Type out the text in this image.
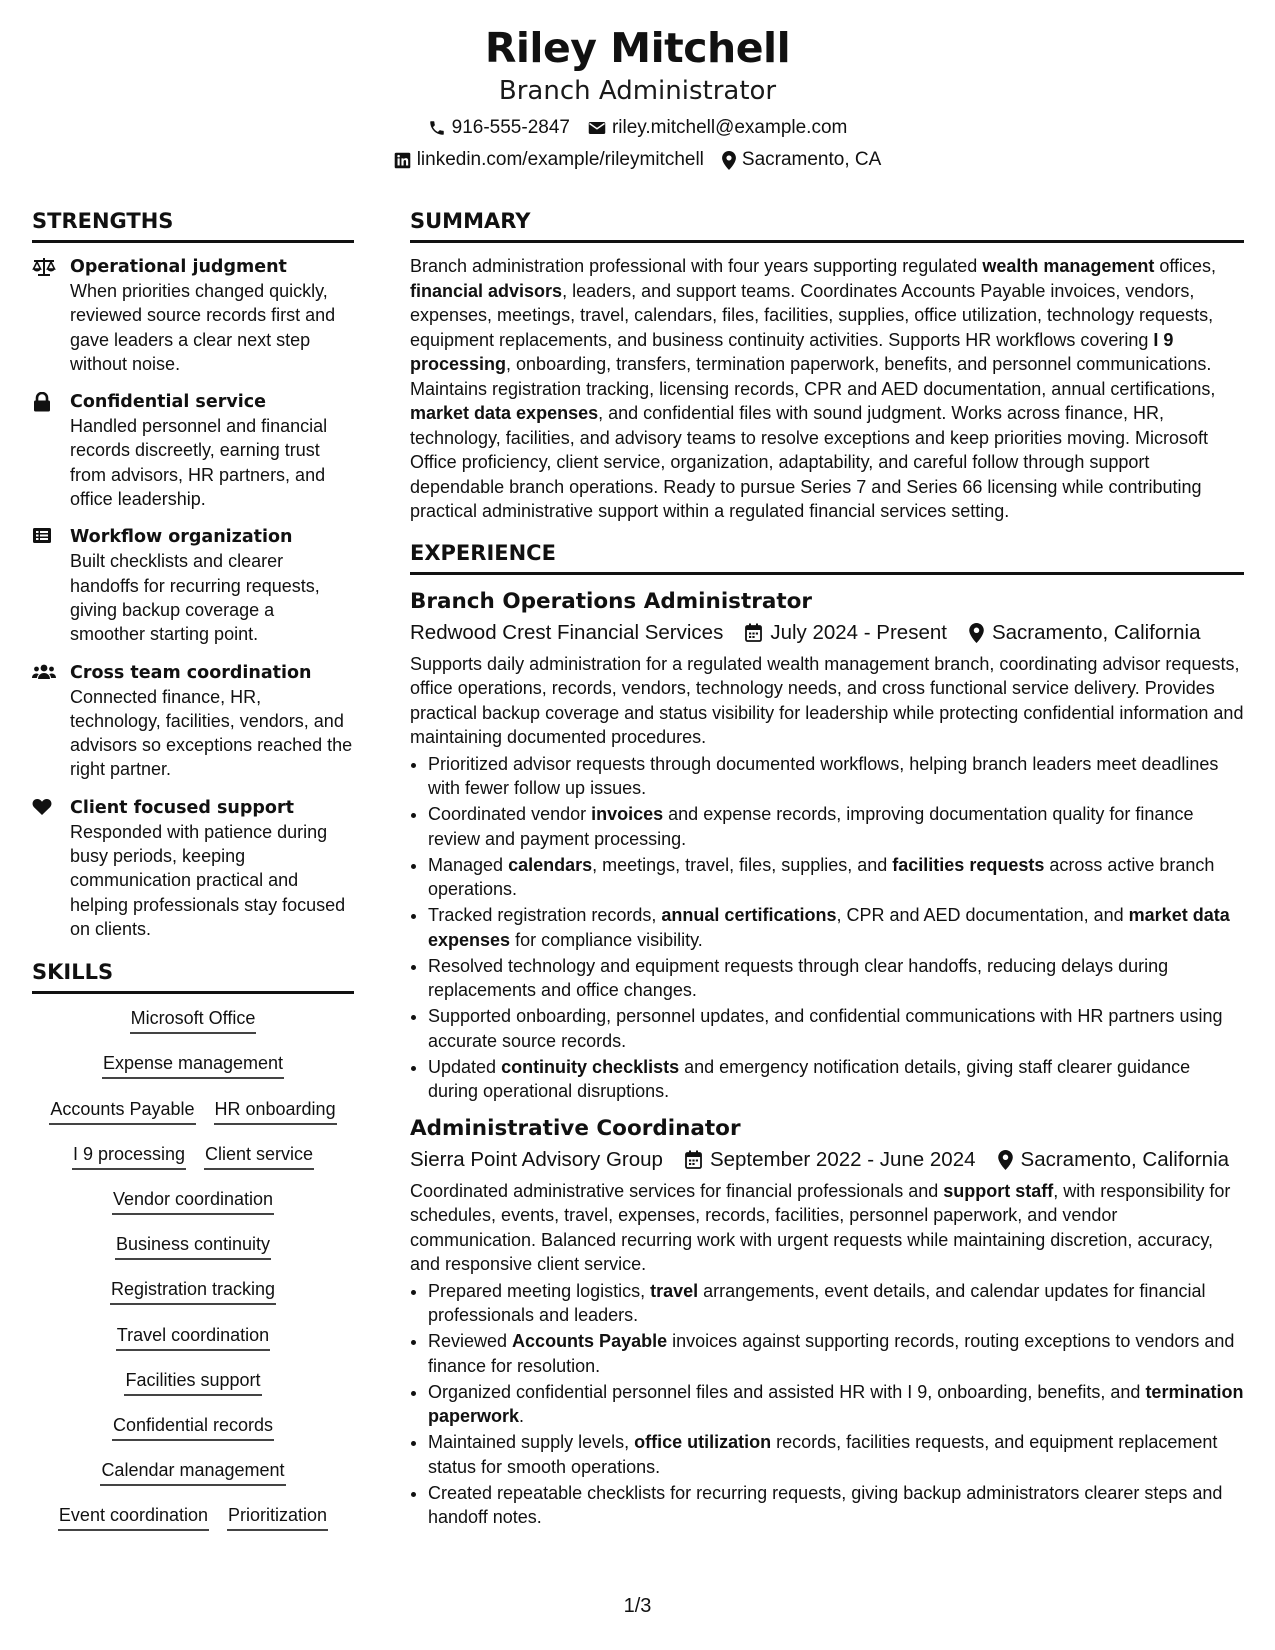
Riley Mitchell
Branch Administrator
916-555-2847 riley.mitchell@example.com
linkedin.com/example/rileymitchell Sacramento, CA
STRENGTHS
Operational judgment
When priorities changed quickly, reviewed source records first and gave leaders a clear next step without noise.
Confidential service
Handled personnel and financial records discreetly, earning trust from advisors, HR partners, and office leadership.
Workflow organization
Built checklists and clearer handoffs for recurring requests, giving backup coverage a smoother starting point.
Cross team coordination
Connected finance, HR, technology, facilities, vendors, and advisors so exceptions reached the right partner.
Client focused support
Responded with patience during busy periods, keeping communication practical and helping professionals stay focused on clients.
SKILLS
Microsoft Office
Expense management
Accounts Payable HR onboarding
I 9 processing Client service
Vendor coordination
Business continuity
Registration tracking
Travel coordination
Facilities support
Confidential records
Calendar management
Event coordination Prioritization
SUMMARY
Branch administration professional with four years supporting regulated wealth management offices, financial advisors, leaders, and support teams. Coordinates Accounts Payable invoices, vendors, expenses, meetings, travel, calendars, files, facilities, supplies, office utilization, technology requests, equipment replacements, and business continuity activities. Supports HR workflows covering I 9 processing, onboarding, transfers, termination paperwork, benefits, and personnel communications. Maintains registration tracking, licensing records, CPR and AED documentation, annual certifications, market data expenses, and confidential files with sound judgment. Works across finance, HR, technology, facilities, and advisory teams to resolve exceptions and keep priorities moving. Microsoft Office proficiency, client service, organization, adaptability, and careful follow through support dependable branch operations. Ready to pursue Series 7 and Series 66 licensing while contributing practical administrative support within a regulated financial services setting.
EXPERIENCE
Branch Operations Administrator
Redwood Crest Financial Services July 2024 - Present Sacramento, California
Supports daily administration for a regulated wealth management branch, coordinating advisor requests, office operations, records, vendors, technology needs, and cross functional service delivery. Provides practical backup coverage and status visibility for leadership while protecting confidential information and maintaining documented procedures.
• Prioritized advisor requests through documented workflows, helping branch leaders meet deadlines with fewer follow up issues.
• Coordinated vendor invoices and expense records, improving documentation quality for finance review and payment processing.
• Managed calendars, meetings, travel, files, supplies, and facilities requests across active branch operations.
• Tracked registration records, annual certifications, CPR and AED documentation, and market data expenses for compliance visibility.
• Resolved technology and equipment requests through clear handoffs, reducing delays during replacements and office changes.
• Supported onboarding, personnel updates, and confidential communications with HR partners using accurate source records.
• Updated continuity checklists and emergency notification details, giving staff clearer guidance during operational disruptions.
Administrative Coordinator
Sierra Point Advisory Group September 2022 - June 2024 Sacramento, California
Coordinated administrative services for financial professionals and support staff, with responsibility for schedules, events, travel, expenses, records, facilities, personnel paperwork, and vendor communication. Balanced recurring work with urgent requests while maintaining discretion, accuracy, and responsive client service.
• Prepared meeting logistics, travel arrangements, event details, and calendar updates for financial professionals and leaders.
• Reviewed Accounts Payable invoices against supporting records, routing exceptions to vendors and finance for resolution.
• Organized confidential personnel files and assisted HR with I 9, onboarding, benefits, and termination paperwork.
• Maintained supply levels, office utilization records, facilities requests, and equipment replacement status for smooth operations.
• Created repeatable checklists for recurring requests, giving backup administrators clearer steps and handoff notes.
1/3
